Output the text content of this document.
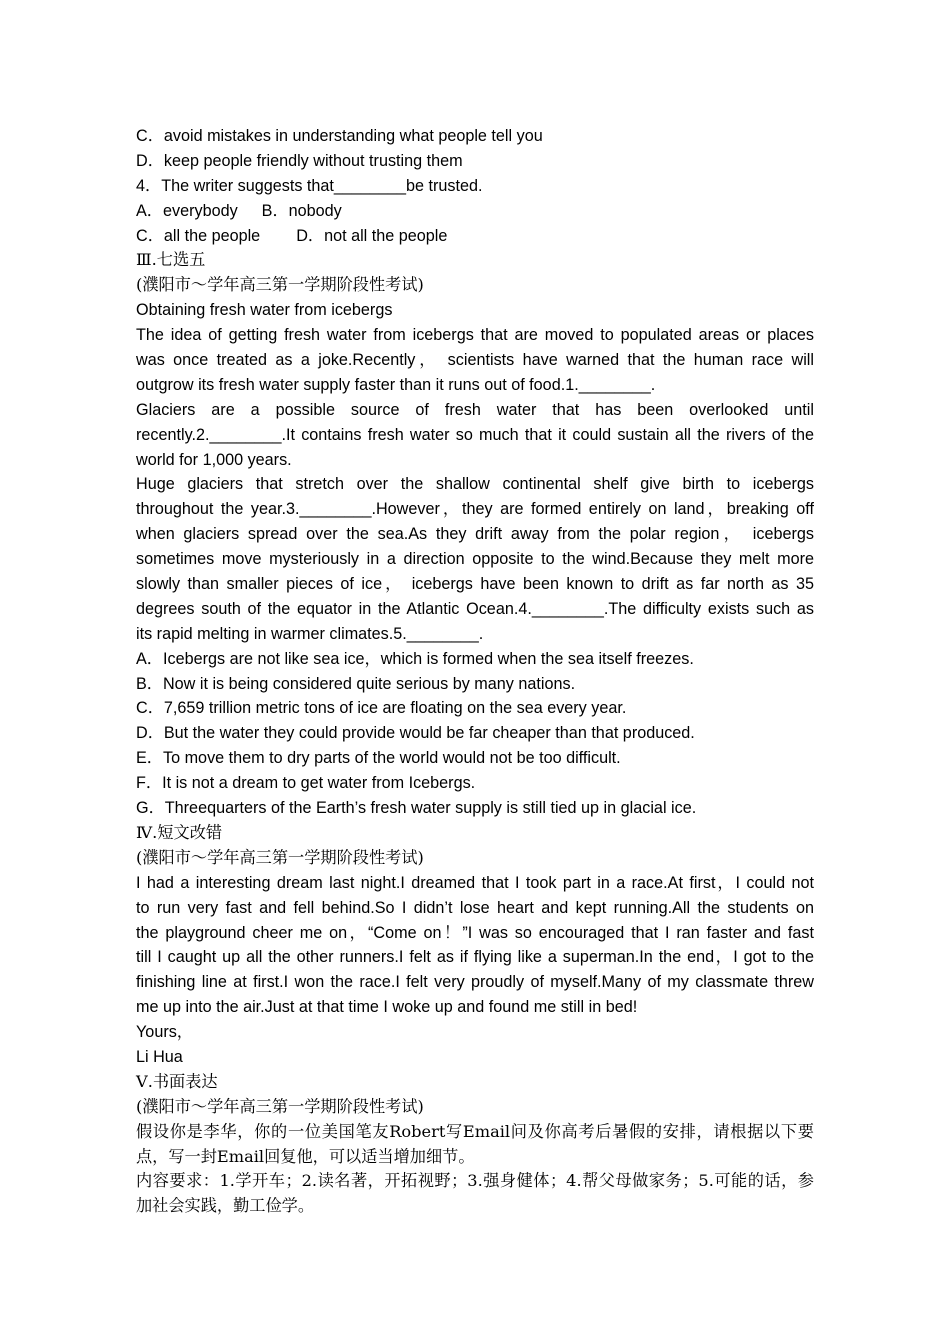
C．avoid mistakes in understanding what people tell you
D．keep people friendly without trusting them
4．The writer suggests that________be trusted.
A．everybody B．nobody
C．all the people D．not all the people
Ⅲ.七选五
(濮阳市～学年高三第一学期阶段性考试)
Obtaining fresh water from icebergs
The idea of getting fresh water from icebergs that are moved to populated areas or places
was once treated as a joke.Recently， scientists have warned that the human race will
outgrow its fresh water supply faster than it runs out of food.1.________.
Glaciers are a possible source of fresh water that has been overlooked until
recently.2.________.It contains fresh water so much that it could sustain all the rivers of the
world for 1,000 years.
Huge glaciers that stretch over the shallow continental shelf give birth to icebergs
throughout the year.3.________.However，they are formed entirely on land，breaking off
when glaciers spread over the sea.As they drift away from the polar region， icebergs
sometimes move mysteriously in a direction opposite to the wind.Because they melt more
slowly than smaller pieces of ice， icebergs have been known to drift as far north as 35
degrees south of the equator in the Atlantic Ocean.4.________.The difficulty exists such as
its rapid melting in warmer climates.5.________.
A．Icebergs are not like sea ice，which is formed when the sea itself freezes.
B．Now it is being considered quite serious by many nations.
C．7,659 trillion metric tons of ice are floating on the sea every year.
D．But the water they could provide would be far cheaper than that produced.
E．To move them to dry parts of the world would not be too difficult.
F．It is not a dream to get water from Icebergs.
G．Threequarters of the Earth’s fresh water supply is still tied up in glacial ice.
Ⅳ.短文改错
(濮阳市～学年高三第一学期阶段性考试)
I had a interesting dream last night.I dreamed that I took part in a race.At first，I could not
to run very fast and fell behind.So I didn’t lose heart and kept running.All the students on
the playground cheer me on，“Come on！”I was so encouraged that I ran faster and fast
till I caught up all the other runners.I felt as if flying like a superman.In the end，I got to the
finishing line at first.I won the race.I felt very proudly of myself.Many of my classmate threw
me up into the air.Just at that time I woke up and found me still in bed!
Yours，
Li Hua
Ⅴ.书面表达
(濮阳市～学年高三第一学期阶段性考试)
假设你是李华，你的一位美国笔友Robert写Email问及你高考后暑假的安排，请根据以下要
点，写一封Email回复他，可以适当增加细节。
内容要求：1.学开车；2.读名著，开拓视野；3.强身健体；4.帮父母做家务；5.可能的话，参
加社会实践，勤工俭学。
